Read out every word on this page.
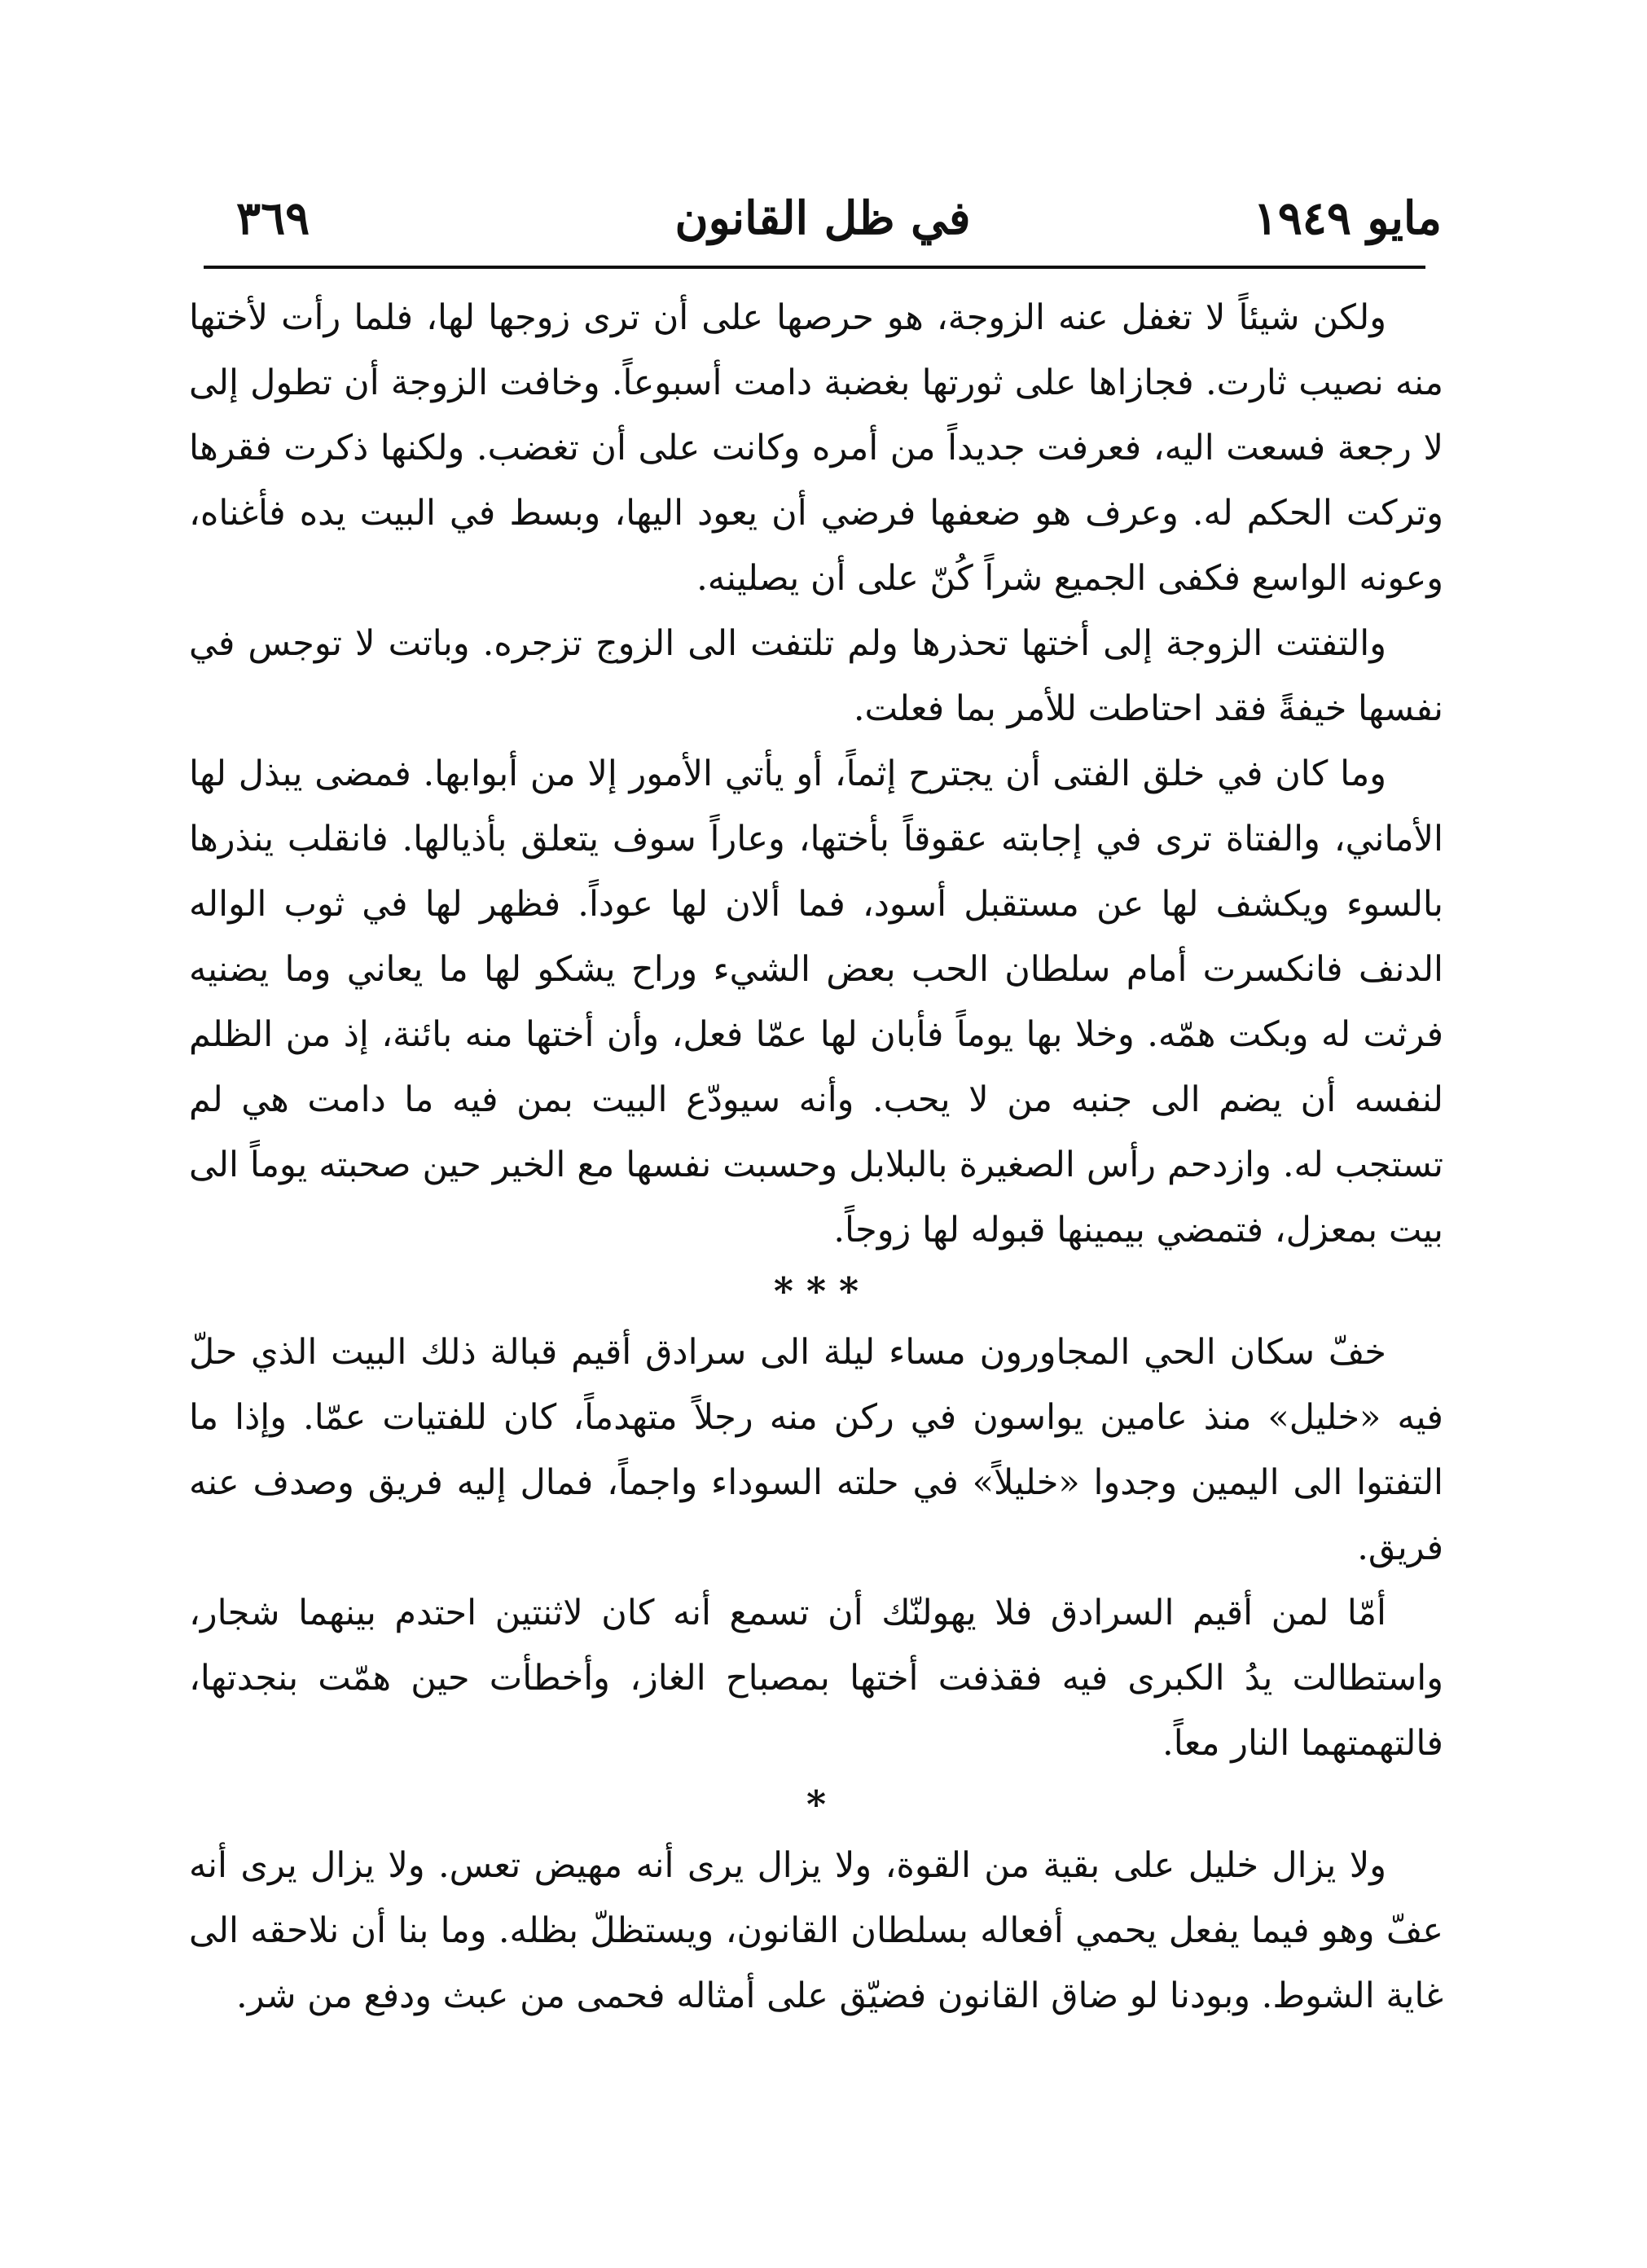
مايو ١٩٤٩
في ظل القانون
٣٦٩

ولكن شيئاً لا تغفل عنه الزوجة، هو حرصها على أن ترى زوجها لها، فلما رأت لأختها منه نصيب ثارت. فجازاها على ثورتها بغضبة دامت أسبوعاً. وخافت الزوجة أن تطول إلى لا رجعة فسعت اليه، فعرفت جديداً من أمره وكانت على أن تغضب. ولكنها ذكرت فقرها وتركت الحكم له. وعرف هو ضعفها فرضي أن يعود اليها، وبسط في البيت يده فأغناه، وعونه الواسع فكفى الجميع شراً كُنّ على أن يصلينه.

والتفتت الزوجة إلى أختها تحذرها ولم تلتفت الى الزوج تزجره. وباتت لا توجس في نفسها خيفةً فقد احتاطت للأمر بما فعلت.

وما كان في خلق الفتى أن يجترح إثماً، أو يأتي الأمور إلا من أبوابها. فمضى يبذل لها الأماني، والفتاة ترى في إجابته عقوقاً بأختها، وعاراً سوف يتعلق بأذيالها. فانقلب ينذرها بالسوء ويكشف لها عن مستقبل أسود، فما ألان لها عوداً. فظهر لها في ثوب الواله الدنف فانكسرت أمام سلطان الحب بعض الشيء وراح يشكو لها ما يعاني وما يضنيه فرثت له وبكت همّه. وخلا بها يوماً فأبان لها عمّا فعل، وأن أختها منه بائنة، إذ من الظلم لنفسه أن يضم الى جنبه من لا يحب. وأنه سيودّع البيت بمن فيه ما دامت هي لم تستجب له. وازدحم رأس الصغيرة بالبلابل وحسبت نفسها مع الخير حين صحبته يوماً الى بيت بمعزل، فتمضي بيمينها قبوله لها زوجاً.

* * *

خفّ سكان الحي المجاورون مساء ليلة الى سرادق أقيم قبالة ذلك البيت الذي حلّ فيه «خليل» منذ عامين يواسون في ركن منه رجلاً متهدماً، كان للفتيات عمّا. وإذا ما التفتوا الى اليمين وجدوا «خليلاً» في حلته السوداء واجماً، فمال إليه فريق وصدف عنه فريق.

أمّا لمن أقيم السرادق فلا يهولنّك أن تسمع أنه كان لاثنتين احتدم بينهما شجار، واستطالت يدُ الكبرى فيه فقذفت أختها بمصباح الغاز، وأخطأت حين همّت بنجدتها، فالتهمتهما النار معاً.

*

ولا يزال خليل على بقية من القوة، ولا يزال يرى أنه مهيض تعس. ولا يزال يرى أنه عفّ وهو فيما يفعل يحمي أفعاله بسلطان القانون، ويستظلّ بظله. وما بنا أن نلاحقه الى غاية الشوط. وبودنا لو ضاق القانون فضيّق على أمثاله فحمى من عبث ودفع من شر.
